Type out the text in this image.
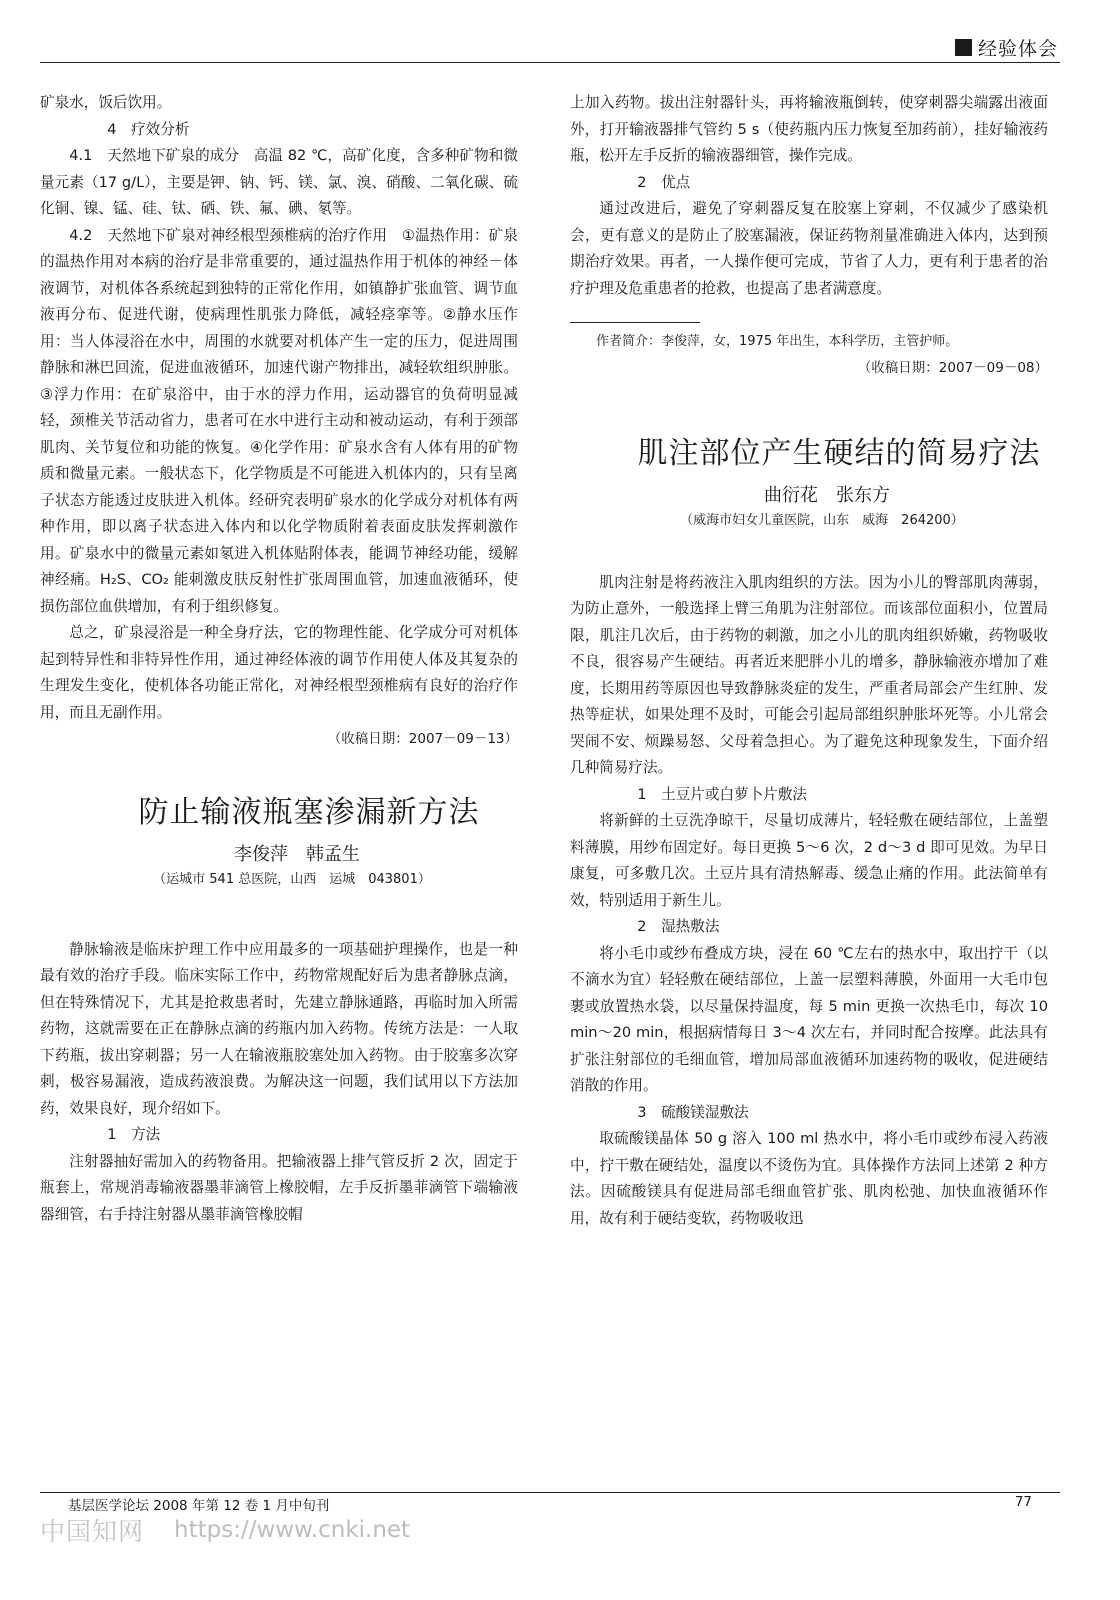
经验体会

矿泉水，饭后饮用。

4　疗效分析

4.1　天然地下矿泉的成分　高温 82 ℃，高矿化度，含多种矿物和微量元素（17 g/L），主要是钾、钠、钙、镁、氯、溴、硝酸、二氧化碳、硫化铜、镍、锰、硅、钛、硒、铁、氟、碘、氡等。

4.2　天然地下矿泉对神经根型颈椎病的治疗作用　①温热作用：矿泉的温热作用对本病的治疗是非常重要的，通过温热作用于机体的神经－体液调节，对机体各系统起到独特的正常化作用，如镇静扩张血管、调节血液再分布、促进代谢，使病理性肌张力降低，减轻痉挛等。②静水压作用：当人体浸浴在水中，周围的水就要对机体产生一定的压力，促进周围静脉和淋巴回流，促进血液循环，加速代谢产物排出，减轻软组织肿胀。③浮力作用：在矿泉浴中，由于水的浮力作用，运动器官的负荷明显减轻，颈椎关节活动省力，患者可在水中进行主动和被动运动，有利于颈部肌肉、关节复位和功能的恢复。④化学作用：矿泉水含有人体有用的矿物质和微量元素。一般状态下，化学物质是不可能进入机体内的，只有呈离子状态方能透过皮肤进入机体。经研究表明矿泉水的化学成分对机体有两种作用，即以离子状态进入体内和以化学物质附着表面皮肤发挥刺激作用。矿泉水中的微量元素如氡进入机体贴附体表，能调节神经功能，缓解神经痛。H₂S、CO₂ 能刺激皮肤反射性扩张周围血管，加速血液循环，使损伤部位血供增加，有利于组织修复。

总之，矿泉浸浴是一种全身疗法，它的物理性能、化学成分可对机体起到特异性和非特异性作用，通过神经体液的调节作用使人体及其复杂的生理发生变化，使机体各功能正常化，对神经根型颈椎病有良好的治疗作用，而且无副作用。

（收稿日期：2007－09－13）

防止输液瓶塞渗漏新方法

李俊萍　韩孟生

（运城市 541 总医院，山西　运城　043801）

静脉输液是临床护理工作中应用最多的一项基础护理操作，也是一种最有效的治疗手段。临床实际工作中，药物常规配好后为患者静脉点滴，但在特殊情况下，尤其是抢救患者时，先建立静脉通路，再临时加入所需药物，这就需要在正在静脉点滴的药瓶内加入药物。传统方法是：一人取下药瓶，拔出穿刺器；另一人在输液瓶胶塞处加入药物。由于胶塞多次穿刺，极容易漏液，造成药液浪费。为解决这一问题，我们试用以下方法加药，效果良好，现介绍如下。

1　方法

注射器抽好需加入的药物备用。把输液器上排气管反折 2 次，固定于瓶套上，常规消毒输液器墨菲滴管上橡胶帽，左手反折墨菲滴管下端输液器细管，右手持注射器从墨菲滴管橡胶帽

上加入药物。拔出注射器针头，再将输液瓶倒转，使穿刺器尖端露出液面外，打开输液器排气管约 5 s（使药瓶内压力恢复至加药前），挂好输液药瓶，松开左手反折的输液器细管，操作完成。

2　优点

通过改进后，避免了穿刺器反复在胶塞上穿刺，不仅减少了感染机会，更有意义的是防止了胶塞漏液，保证药物剂量准确进入体内，达到预期治疗效果。再者，一人操作便可完成，节省了人力，更有利于患者的治疗护理及危重患者的抢救，也提高了患者满意度。

作者简介：李俊萍，女，1975 年出生，本科学历，主管护师。

（收稿日期：2007－09－08）

肌注部位产生硬结的简易疗法

曲衍花　张东方

（威海市妇女儿童医院，山东　威海　264200）

肌肉注射是将药液注入肌肉组织的方法。因为小儿的臀部肌肉薄弱，为防止意外，一般选择上臂三角肌为注射部位。而该部位面积小，位置局限，肌注几次后，由于药物的刺激，加之小儿的肌肉组织娇嫩，药物吸收不良，很容易产生硬结。再者近来肥胖小儿的增多，静脉输液亦增加了难度，长期用药等原因也导致静脉炎症的发生，严重者局部会产生红肿、发热等症状，如果处理不及时，可能会引起局部组织肿胀坏死等。小儿常会哭闹不安、烦躁易怒、父母着急担心。为了避免这种现象发生，下面介绍几种简易疗法。

1　土豆片或白萝卜片敷法

将新鲜的土豆洗净晾干，尽量切成薄片，轻轻敷在硬结部位，上盖塑料薄膜，用纱布固定好。每日更换 5～6 次，2 d～3 d 即可见效。为早日康复，可多敷几次。土豆片具有清热解毒、缓急止痛的作用。此法简单有效，特别适用于新生儿。

2　湿热敷法

将小毛巾或纱布叠成方块，浸在 60 ℃左右的热水中，取出拧干（以不滴水为宜）轻轻敷在硬结部位，上盖一层塑料薄膜，外面用一大毛巾包裹或放置热水袋，以尽量保持温度，每 5 min 更换一次热毛巾，每次 10 min～20 min，根据病情每日 3～4 次左右，并同时配合按摩。此法具有扩张注射部位的毛细血管，增加局部血液循环加速药物的吸收，促进硬结消散的作用。

3　硫酸镁湿敷法

取硫酸镁晶体 50 g 溶入 100 ml 热水中，将小毛巾或纱布浸入药液中，拧干敷在硬结处，温度以不烫伤为宜。具体操作方法同上述第 2 种方法。因硫酸镁具有促进局部毛细血管扩张、肌肉松弛、加快血液循环作用，故有利于硬结变软，药物吸收迅

基层医学论坛 2008 年第 12 卷 1 月中旬刊	77
中国知网 https://www.cnki.net
